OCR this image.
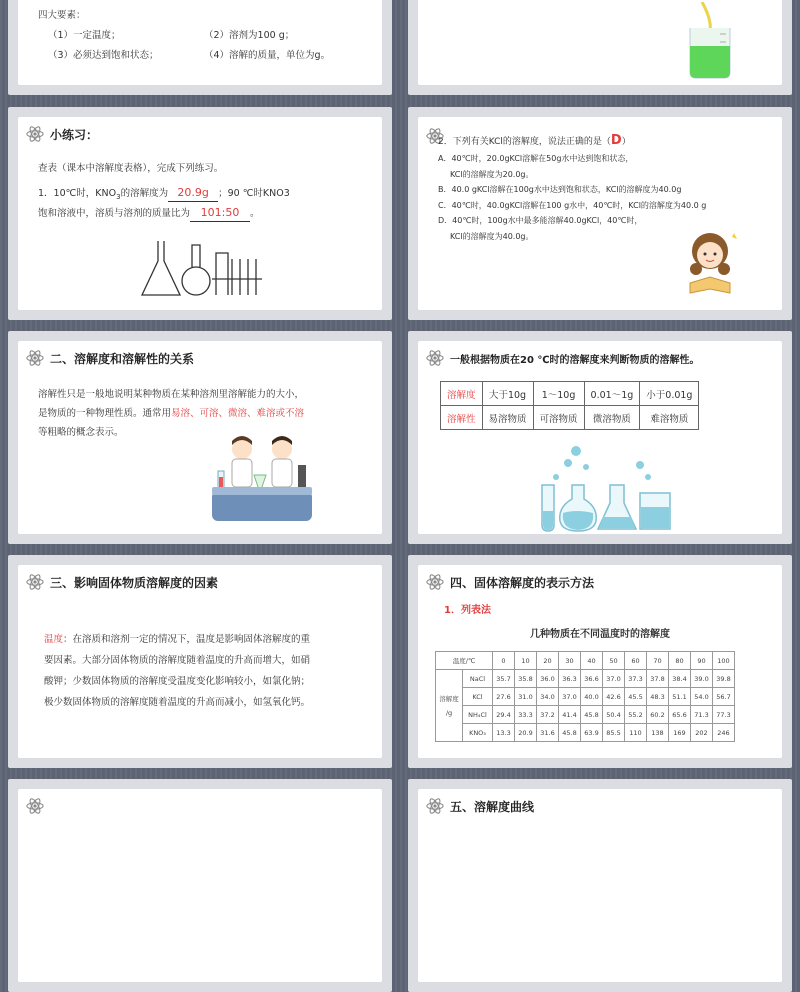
四大要素：
（1）一定温度；	（2）溶剂为100 g；
（3）必须达到饱和状态；	（4）溶解的质量，单位为g。
小练习：
查表（课本中溶解度表格），完成下列练习。
1．10℃时，$KNO_3$的溶解度为 20.9g ；90 ℃时KNO3
饱和溶液中，溶质与溶剂的质量比为 101:50 。
2．下列有关KCl的溶解度，说法正确的是（D）
A．40℃时，20.0gKCl溶解在50g水中达到饱和状态，
KCl的溶解度为20.0g。
B．40.0 gKCl溶解在100g水中达到饱和状态，KCl的溶解度为40.0g
C．40℃时，40.0gKCl溶解在100 g水中，40℃时，KCl的溶解度为40.0 g
D．40℃时，100g水中最多能溶解40.0gKCl，40℃时，
KCl的溶解度为40.0g。
二、溶解度和溶解性的关系
溶解性只是一般地说明某种物质在某种溶剂里溶解能力的大小，
是物质的一种物理性质。通常用易溶、可溶、微溶、难溶或不溶
等粗略的概念表示。
一般根据物质在20 ℃时的溶解度来判断物质的溶解性。
溶解度	大于10g	1～10g	0.01～1g	小于0.01g
溶解性	易溶物质	可溶物质	微溶物质	难溶物质
三、影响固体物质溶解度的因素
温度：在溶质和溶剂一定的情况下，温度是影响固体溶解度的重
要因素。大部分固体物质的溶解度随着温度的升高而增大，如硝
酸钾；少数固体物质的溶解度受温度变化影响较小，如氯化钠；
极少数固体物质的溶解度随着温度的升高而减小，如氢氧化钙。
四、固体溶解度的表示方法
1．列表法
几种物质在不同温度时的溶解度
温度/℃		0	10	20	30	40	50	60	70	80	90	100
溶解度
/g	NaCl	35.7	35.8	36.0	36.3	36.6	37.0	37.3	37.8	38.4	39.0	39.8
	KCl	27.6	31.0	34.0	37.0	40.0	42.6	45.5	48.3	51.1	54.0	56.7
	NH₄Cl	29.4	33.3	37.2	41.4	45.8	50.4	55.2	60.2	65.6	71.3	77.3
	KNO₃	13.3	20.9	31.6	45.8	63.9	85.5	110	138	169	202	246
五、溶解度曲线
